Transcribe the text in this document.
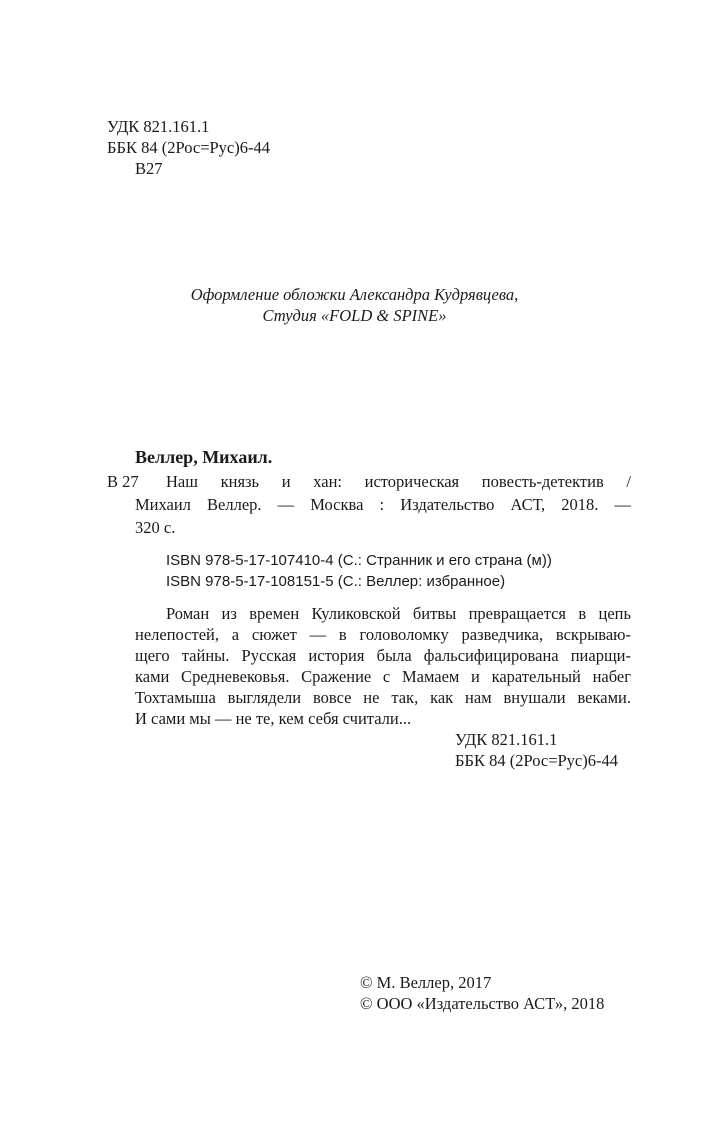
УДК 821.161.1
ББК 84 (2Рос=Рус)6-44
В27
Оформление обложки Александра Кудрявцева,
Студия «FOLD & SPINE»
Веллер, Михаил.
В 27 Наш князь и хан: историческая повесть-детектив /
Михаил Веллер. — Москва : Издательство АСТ, 2018. —
320 с.
ISBN 978-5-17-107410-4 (С.: Странник и его страна (м))
ISBN 978-5-17-108151-5 (С.: Веллер: избранное)
Роман из времен Куликовской битвы превращается в цепь
нелепостей, а сюжет — в головоломку разведчика, вскрываю-
щего тайны. Русская история была фальсифицирована пиарщи-
ками Средневековья. Сражение с Мамаем и карательный набег
Тохтамыша выглядели вовсе не так, как нам внушали веками.
И сами мы — не те, кем себя считали...
УДК 821.161.1
ББК 84 (2Рос=Рус)6-44
© М. Веллер, 2017
© ООО «Издательство АСТ», 2018
